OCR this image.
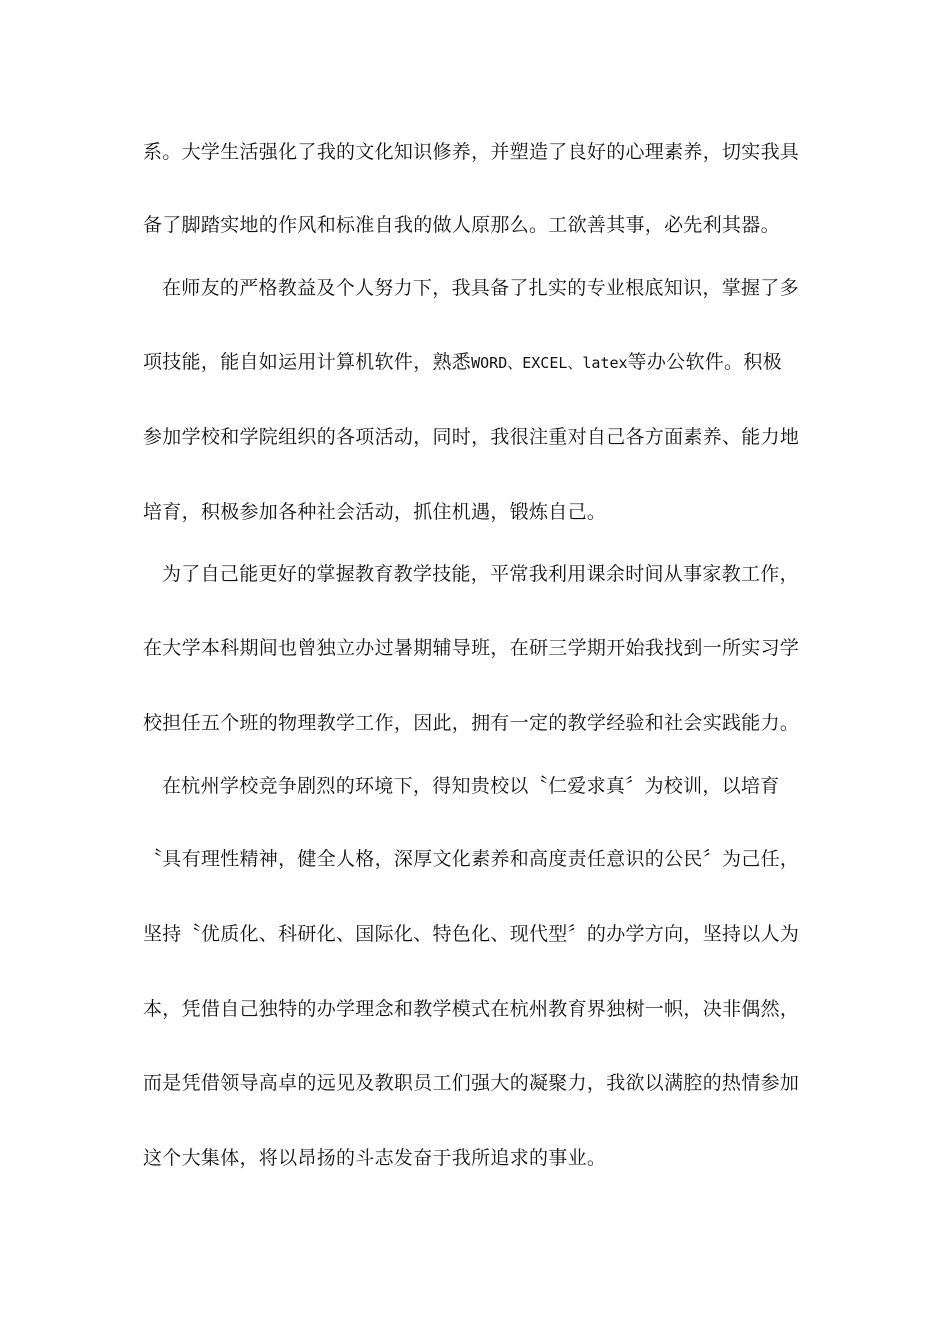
系。大学生活强化了我的文化知识修养，并塑造了良好的心理素养，切实我具
备了脚踏实地的作风和标准自我的做人原那么。工欲善其事，必先利其器。
在师友的严格教益及个人努力下，我具备了扎实的专业根底知识，掌握了多
项技能，能自如运用计算机软件，熟悉WORD、EXCEL、latex等办公软件。积极
参加学校和学院组织的各项活动，同时，我很注重对自己各方面素养、能力地
培育，积极参加各种社会活动，抓住机遇，锻炼自己。
为了自己能更好的掌握教育教学技能，平常我利用课余时间从事家教工作，
在大学本科期间也曾独立办过暑期辅导班，在研三学期开始我找到一所实习学
校担任五个班的物理教学工作，因此，拥有一定的教学经验和社会实践能力。
在杭州学校竞争剧烈的环境下，得知贵校以〝仁爱求真〞为校训，以培育
〝具有理性精神，健全人格，深厚文化素养和高度责任意识的公民〞为己任，
坚持〝优质化、科研化、国际化、特色化、现代型〞的办学方向，坚持以人为
本，凭借自己独特的办学理念和教学模式在杭州教育界独树一帜，决非偶然，
而是凭借领导高卓的远见及教职员工们强大的凝聚力，我欲以满腔的热情参加
这个大集体，将以昂扬的斗志发奋于我所追求的事业。
